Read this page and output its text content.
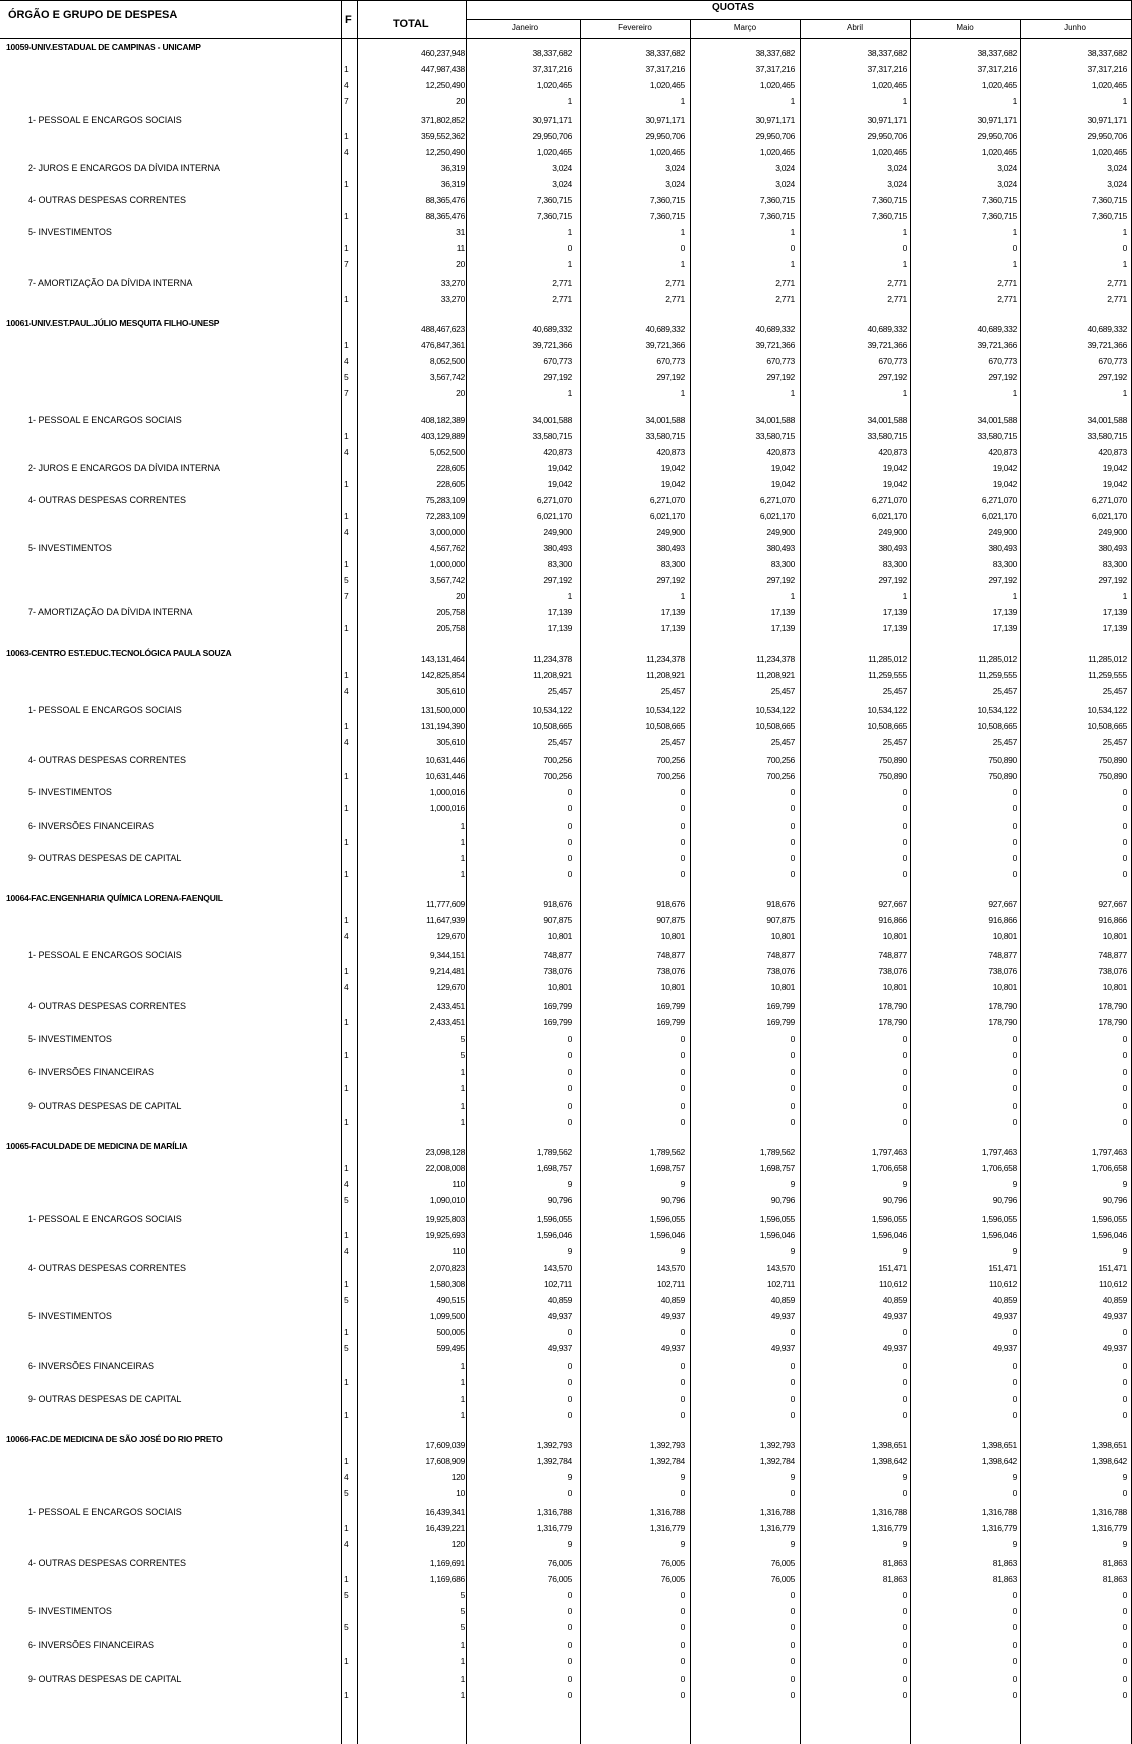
ÓRGÃO E GRUPO DE DESPESA	F	TOTAL
QUOTAS
Janeiro	Fevereiro	Março	Abril	Maio	Junho
10059-UNIV.ESTADUAL DE CAMPINAS - UNICAMP
460,237,948	38,337,682	38,337,682	38,337,682	38,337,682	38,337,682	38,337,682
1	447,987,438	37,317,216	37,317,216	37,317,216	37,317,216	37,317,216	37,317,216
4	12,250,490	1,020,465	1,020,465	1,020,465	1,020,465	1,020,465	1,020,465
7	20	1	1	1	1	1	1
1- PESSOAL E ENCARGOS SOCIAIS	371,802,852	30,971,171	30,971,171	30,971,171	30,971,171	30,971,171	30,971,171
1	359,552,362	29,950,706	29,950,706	29,950,706	29,950,706	29,950,706	29,950,706
4	12,250,490	1,020,465	1,020,465	1,020,465	1,020,465	1,020,465	1,020,465
2- JUROS E ENCARGOS DA DÍVIDA INTERNA	36,319	3,024	3,024	3,024	3,024	3,024	3,024
1	36,319	3,024	3,024	3,024	3,024	3,024	3,024
4- OUTRAS DESPESAS CORRENTES	88,365,476	7,360,715	7,360,715	7,360,715	7,360,715	7,360,715	7,360,715
1	88,365,476	7,360,715	7,360,715	7,360,715	7,360,715	7,360,715	7,360,715
5- INVESTIMENTOS	31	1	1	1	1	1	1
1	11	0	0	0	0	0	0
7	20	1	1	1	1	1	1
7- AMORTIZAÇÃO DA DÍVIDA INTERNA	33,270	2,771	2,771	2,771	2,771	2,771	2,771
1	33,270	2,771	2,771	2,771	2,771	2,771	2,771
10061-UNIV.EST.PAUL.JÚLIO MESQUITA FILHO-UNESP
488,467,623	40,689,332	40,689,332	40,689,332	40,689,332	40,689,332	40,689,332
1	476,847,361	39,721,366	39,721,366	39,721,366	39,721,366	39,721,366	39,721,366
4	8,052,500	670,773	670,773	670,773	670,773	670,773	670,773
5	3,567,742	297,192	297,192	297,192	297,192	297,192	297,192
7	20	1	1	1	1	1	1
1- PESSOAL E ENCARGOS SOCIAIS	408,182,389	34,001,588	34,001,588	34,001,588	34,001,588	34,001,588	34,001,588
1	403,129,889	33,580,715	33,580,715	33,580,715	33,580,715	33,580,715	33,580,715
4	5,052,500	420,873	420,873	420,873	420,873	420,873	420,873
2- JUROS E ENCARGOS DA DÍVIDA INTERNA	228,605	19,042	19,042	19,042	19,042	19,042	19,042
1	228,605	19,042	19,042	19,042	19,042	19,042	19,042
4- OUTRAS DESPESAS CORRENTES	75,283,109	6,271,070	6,271,070	6,271,070	6,271,070	6,271,070	6,271,070
1	72,283,109	6,021,170	6,021,170	6,021,170	6,021,170	6,021,170	6,021,170
4	3,000,000	249,900	249,900	249,900	249,900	249,900	249,900
5- INVESTIMENTOS	4,567,762	380,493	380,493	380,493	380,493	380,493	380,493
1	1,000,000	83,300	83,300	83,300	83,300	83,300	83,300
5	3,567,742	297,192	297,192	297,192	297,192	297,192	297,192
7	20	1	1	1	1	1	1
7- AMORTIZAÇÃO DA DÍVIDA INTERNA	205,758	17,139	17,139	17,139	17,139	17,139	17,139
1	205,758	17,139	17,139	17,139	17,139	17,139	17,139
10063-CENTRO EST.EDUC.TECNOLÓGICA PAULA SOUZA
143,131,464	11,234,378	11,234,378	11,234,378	11,285,012	11,285,012	11,285,012
1	142,825,854	11,208,921	11,208,921	11,208,921	11,259,555	11,259,555	11,259,555
4	305,610	25,457	25,457	25,457	25,457	25,457	25,457
1- PESSOAL E ENCARGOS SOCIAIS	131,500,000	10,534,122	10,534,122	10,534,122	10,534,122	10,534,122	10,534,122
1	131,194,390	10,508,665	10,508,665	10,508,665	10,508,665	10,508,665	10,508,665
4	305,610	25,457	25,457	25,457	25,457	25,457	25,457
4- OUTRAS DESPESAS CORRENTES	10,631,446	700,256	700,256	700,256	750,890	750,890	750,890
1	10,631,446	700,256	700,256	700,256	750,890	750,890	750,890
5- INVESTIMENTOS	1,000,016	0	0	0	0	0	0
1	1,000,016	0	0	0	0	0	0
6- INVERSÕES FINANCEIRAS	1	0	0	0	0	0	0
1	1	0	0	0	0	0	0
9- OUTRAS DESPESAS DE CAPITAL	1	0	0	0	0	0	0
1	1	0	0	0	0	0	0
10064-FAC.ENGENHARIA QUÍMICA LORENA-FAENQUIL
11,777,609	918,676	918,676	918,676	927,667	927,667	927,667
1	11,647,939	907,875	907,875	907,875	916,866	916,866	916,866
4	129,670	10,801	10,801	10,801	10,801	10,801	10,801
1- PESSOAL E ENCARGOS SOCIAIS	9,344,151	748,877	748,877	748,877	748,877	748,877	748,877
1	9,214,481	738,076	738,076	738,076	738,076	738,076	738,076
4	129,670	10,801	10,801	10,801	10,801	10,801	10,801
4- OUTRAS DESPESAS CORRENTES	2,433,451	169,799	169,799	169,799	178,790	178,790	178,790
1	2,433,451	169,799	169,799	169,799	178,790	178,790	178,790
5- INVESTIMENTOS	5	0	0	0	0	0	0
1	5	0	0	0	0	0	0
6- INVERSÕES FINANCEIRAS	1	0	0	0	0	0	0
1	1	0	0	0	0	0	0
9- OUTRAS DESPESAS DE CAPITAL	1	0	0	0	0	0	0
1	1	0	0	0	0	0	0
10065-FACULDADE DE MEDICINA DE MARÍLIA
23,098,128	1,789,562	1,789,562	1,789,562	1,797,463	1,797,463	1,797,463
1	22,008,008	1,698,757	1,698,757	1,698,757	1,706,658	1,706,658	1,706,658
4	110	9	9	9	9	9	9
5	1,090,010	90,796	90,796	90,796	90,796	90,796	90,796
1- PESSOAL E ENCARGOS SOCIAIS	19,925,803	1,596,055	1,596,055	1,596,055	1,596,055	1,596,055	1,596,055
1	19,925,693	1,596,046	1,596,046	1,596,046	1,596,046	1,596,046	1,596,046
4	110	9	9	9	9	9	9
4- OUTRAS DESPESAS CORRENTES	2,070,823	143,570	143,570	143,570	151,471	151,471	151,471
1	1,580,308	102,711	102,711	102,711	110,612	110,612	110,612
5	490,515	40,859	40,859	40,859	40,859	40,859	40,859
5- INVESTIMENTOS	1,099,500	49,937	49,937	49,937	49,937	49,937	49,937
1	500,005	0	0	0	0	0	0
5	599,495	49,937	49,937	49,937	49,937	49,937	49,937
6- INVERSÕES FINANCEIRAS	1	0	0	0	0	0	0
1	1	0	0	0	0	0	0
9- OUTRAS DESPESAS DE CAPITAL	1	0	0	0	0	0	0
1	1	0	0	0	0	0	0
10066-FAC.DE MEDICINA DE SÃO JOSÉ DO RIO PRETO
17,609,039	1,392,793	1,392,793	1,392,793	1,398,651	1,398,651	1,398,651
1	17,608,909	1,392,784	1,392,784	1,392,784	1,398,642	1,398,642	1,398,642
4	120	9	9	9	9	9	9
5	10	0	0	0	0	0	0
1- PESSOAL E ENCARGOS SOCIAIS	16,439,341	1,316,788	1,316,788	1,316,788	1,316,788	1,316,788	1,316,788
1	16,439,221	1,316,779	1,316,779	1,316,779	1,316,779	1,316,779	1,316,779
4	120	9	9	9	9	9	9
4- OUTRAS DESPESAS CORRENTES	1,169,691	76,005	76,005	76,005	81,863	81,863	81,863
1	1,169,686	76,005	76,005	76,005	81,863	81,863	81,863
5	5	0	0	0	0	0	0
5- INVESTIMENTOS	5	0	0	0	0	0	0
5	5	0	0	0	0	0	0
6- INVERSÕES FINANCEIRAS	1	0	0	0	0	0	0
1	1	0	0	0	0	0	0
9- OUTRAS DESPESAS DE CAPITAL	1	0	0	0	0	0	0
1	1	0	0	0	0	0	0
